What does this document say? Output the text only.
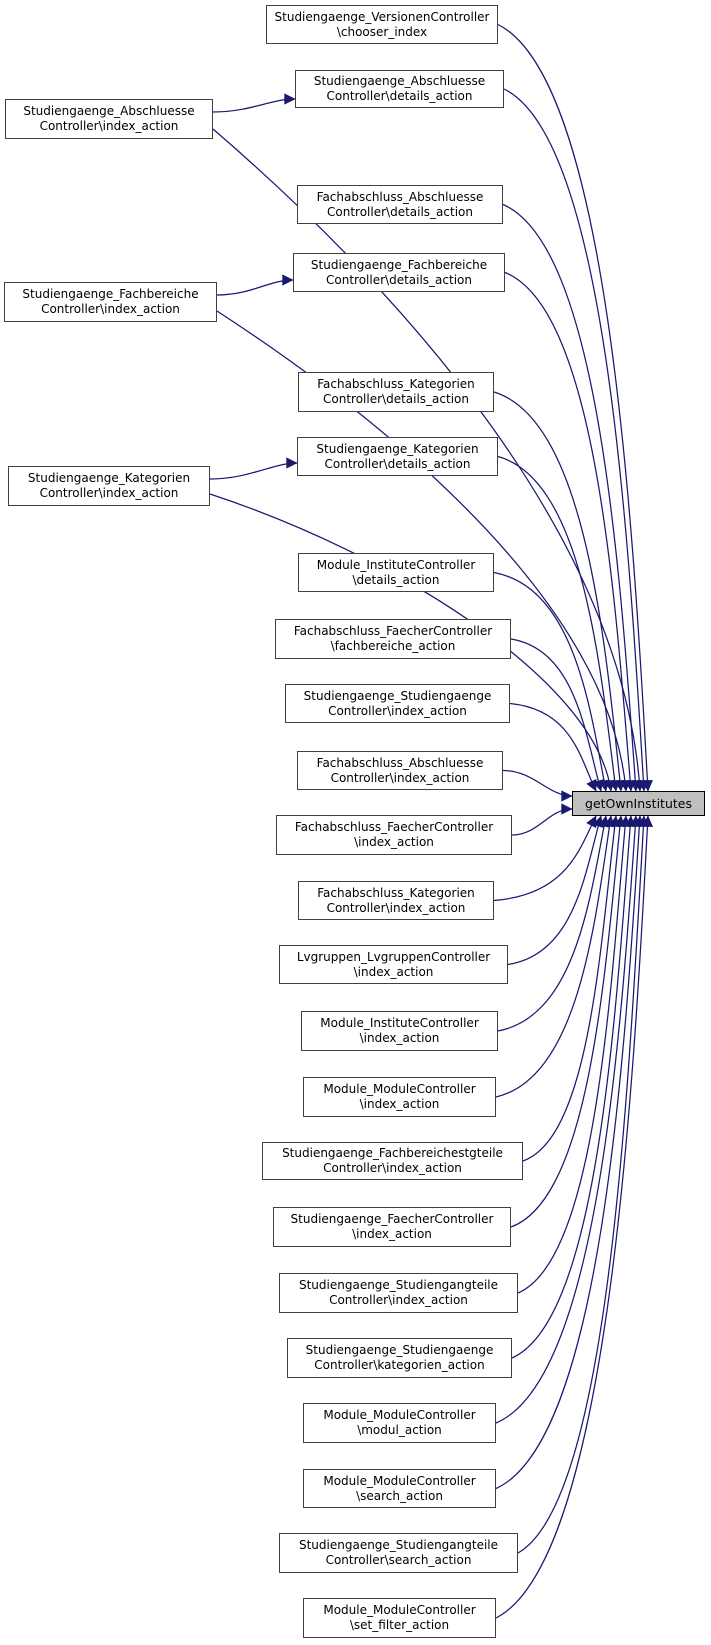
Studiengaenge_VersionenController
\chooser_index
Studiengaenge_Abschluesse
Controller\details_action
Studiengaenge_Abschluesse
Controller\index_action
Fachabschluss_Abschluesse
Controller\details_action
Studiengaenge_Fachbereiche
Controller\details_action
Studiengaenge_Fachbereiche
Controller\index_action
Fachabschluss_Kategorien
Controller\details_action
Studiengaenge_Kategorien
Controller\details_action
Studiengaenge_Kategorien
Controller\index_action
Module_InstituteController
\details_action
Fachabschluss_FaecherController
\fachbereiche_action
Studiengaenge_Studiengaenge
Controller\index_action
Fachabschluss_Abschluesse
Controller\index_action
Fachabschluss_FaecherController
\index_action
Fachabschluss_Kategorien
Controller\index_action
Lvgruppen_LvgruppenController
\index_action
Module_InstituteController
\index_action
Module_ModuleController
\index_action
Studiengaenge_Fachbereichestgteile
Controller\index_action
Studiengaenge_FaecherController
\index_action
Studiengaenge_Studiengangteile
Controller\index_action
Studiengaenge_Studiengaenge
Controller\kategorien_action
Module_ModuleController
\modul_action
Module_ModuleController
\search_action
Studiengaenge_Studiengangteile
Controller\search_action
Module_ModuleController
\set_filter_action
getOwnInstitutes
